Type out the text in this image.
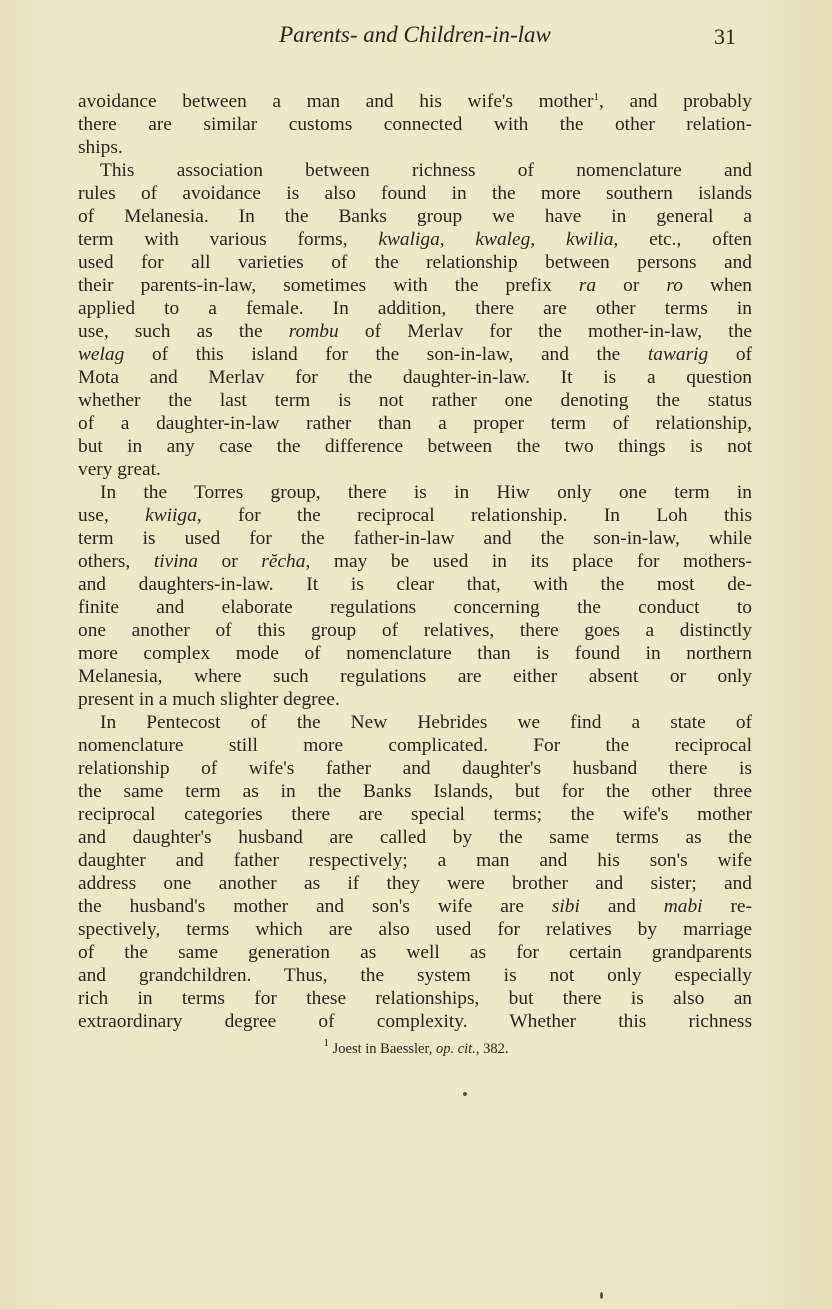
Parents- and Children-in-law	31
avoidance between a man and his wife's mother$^1$, and probably
there are similar customs connected with the other relation-
ships.
This association between richness of nomenclature and
rules of avoidance is also found in the more southern islands
of Melanesia. In the Banks group we have in general a
term with various forms, kwaliga, kwaleg, kwilia, etc., often
used for all varieties of the relationship between persons and
their parents-in-law, sometimes with the prefix ra or ro when
applied to a female. In addition, there are other terms in
use, such as the rombu of Merlav for the mother-in-law, the
welag of this island for the son-in-law, and the tawarig of
Mota and Merlav for the daughter-in-law. It is a question
whether the last term is not rather one denoting the status
of a daughter-in-law rather than a proper term of relationship,
but in any case the difference between the two things is not
very great.
In the Torres group, there is in Hiw only one term in
use, kwiiga, for the reciprocal relationship. In Loh this
term is used for the father-in-law and the son-in-law, while
others, tivina or rĕcha, may be used in its place for mothers-
and daughters-in-law. It is clear that, with the most de-
finite and elaborate regulations concerning the conduct to
one another of this group of relatives, there goes a distinctly
more complex mode of nomenclature than is found in northern
Melanesia, where such regulations are either absent or only
present in a much slighter degree.
In Pentecost of the New Hebrides we find a state of
nomenclature still more complicated. For the reciprocal
relationship of wife's father and daughter's husband there is
the same term as in the Banks Islands, but for the other three
reciprocal categories there are special terms; the wife's mother
and daughter's husband are called by the same terms as the
daughter and father respectively; a man and his son's wife
address one another as if they were brother and sister; and
the husband's mother and son's wife are sibi and mabi re-
spectively, terms which are also used for relatives by marriage
of the same generation as well as for certain grandparents
and grandchildren. Thus, the system is not only especially
rich in terms for these relationships, but there is also an
extraordinary degree of complexity. Whether this richness
$^1$ Joest in Baessler, op. cit., 382.
